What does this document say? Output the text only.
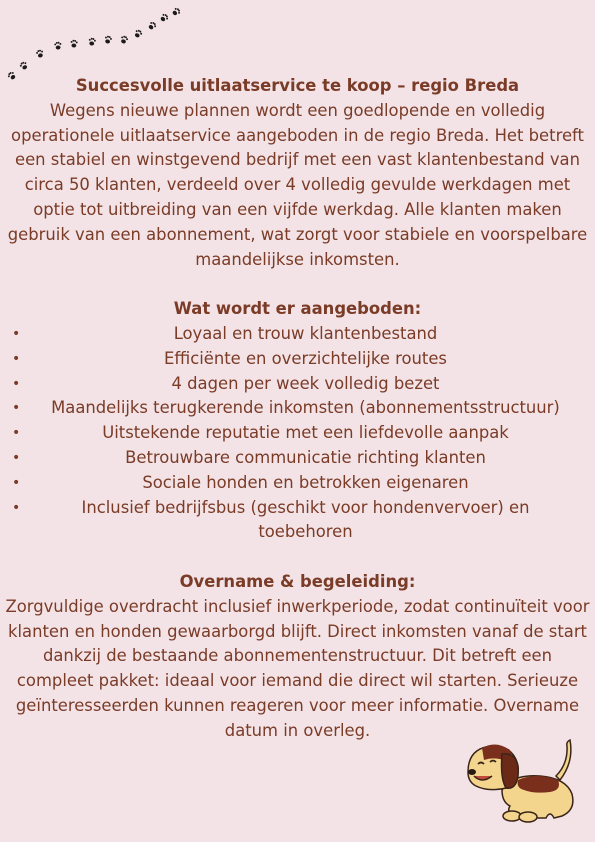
Succesvolle uitlaatservice te koop – regio Breda

Wegens nieuwe plannen wordt een goedlopende en volledig operationele uitlaatservice aangeboden in de regio Breda. Het betreft een stabiel en winstgevend bedrijf met een vast klantenbestand van circa 50 klanten, verdeeld over 4 volledig gevulde werkdagen met optie tot uitbreiding van een vijfde werkdag. Alle klanten maken gebruik van een abonnement, wat zorgt voor stabiele en voorspelbare maandelijkse inkomsten.

Wat wordt er aangeboden:

•	Loyaal en trouw klantenbestand
•	Efficiënte en overzichtelijke routes
•	4 dagen per week volledig bezet
• Maandelijks terugkerende inkomsten (abonnementsstructuur)
•	Uitstekende reputatie met een liefdevolle aanpak
•	Betrouwbare communicatie richting klanten
•	Sociale honden en betrokken eigenaren
•	Inclusief bedrijfsbus (geschikt voor hondenvervoer) en toebehoren

Overname & begeleiding:

Zorgvuldige overdracht inclusief inwerkperiode, zodat continuïteit voor klanten en honden gewaarborgd blijft. Direct inkomsten vanaf de start dankzij de bestaande abonnementenstructuur. Dit betreft een compleet pakket: ideaal voor iemand die direct wil starten. Serieuze geïnteresseerden kunnen reageren voor meer informatie. Overname datum in overleg.
